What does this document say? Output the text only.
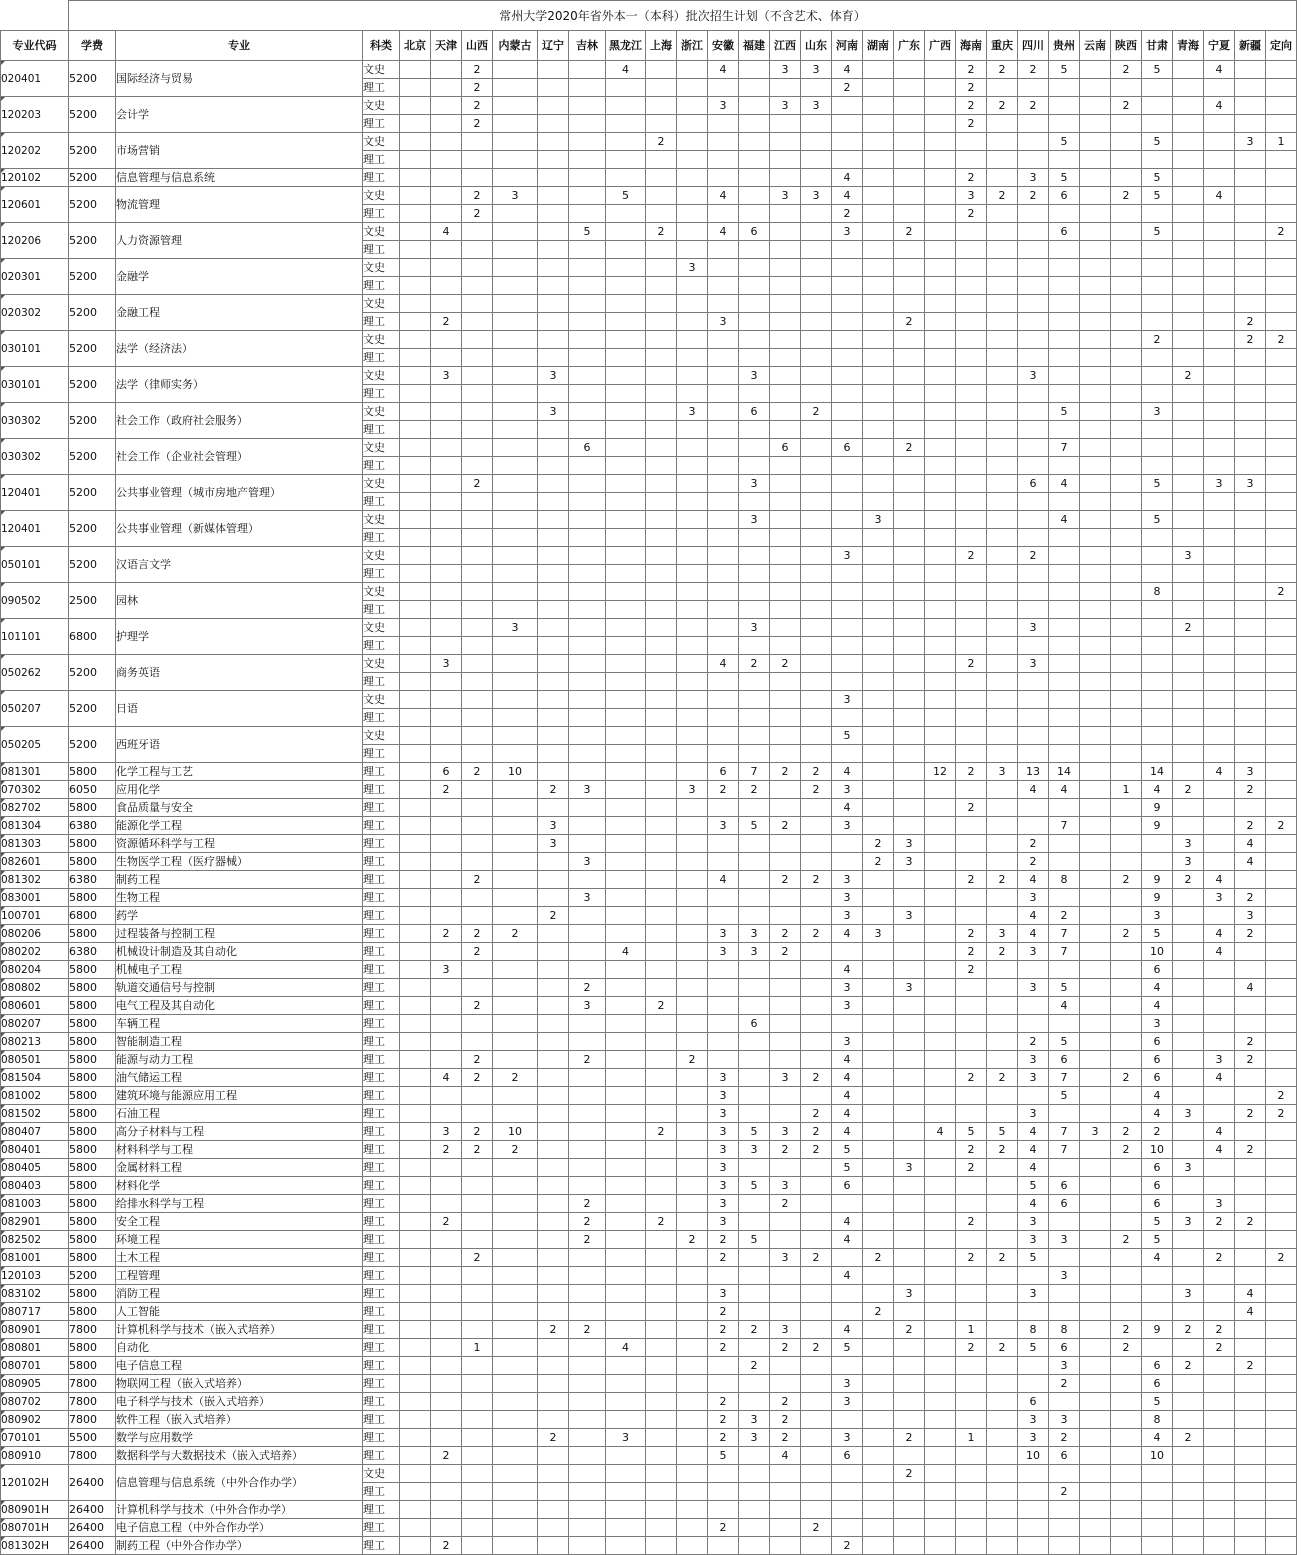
	常州大学2020年省外本一（本科）批次招生计划（不含艺术、体育）																														
专业代码	学费	专业	科类	北京	天津	山西	内蒙古	辽宁	吉林	黑龙江	上海	浙江	安徽	福建	江西	山东	河南	湖南	广东	广西	海南	重庆	四川	贵州	云南	陕西	甘肃	青海	宁夏	新疆	定向
020401	5200	国际经济与贸易	文史			2				4			4		3	3	4				2	2	2	5		2	5		4		
			理工			2											2				2										
120203	5200	会计学	文史			2							3		3	3					2	2	2			2			4		
			理工			2															2										
120202	5200	市场营销	文史								2													5			5			3	1
			理工																												
120102	5200	信息管理与信息系统	理工														4				2		3	5			5				
120601	5200	物流管理	文史			2	3			5			4		3	3	4				3	2	2	6		2	5		4		
			理工			2											2				2										
120206	5200	人力资源管理	文史		4				5		2		4	6			3		2					6			5				2
			理工																												
020301	5200	金融学	文史									3																			
			理工																												
020302	5200	金融工程	文史																												
			理工		2								3						2											2	
030101	5200	法学（经济法）	文史																								2			2	2
			理工																												
030101	5200	法学（律师实务）	文史		3			3						3									3					2			
			理工																												
030302	5200	社会工作（政府社会服务）	文史					3				3		6		2								5			3				
			理工																												
030302	5200	社会工作（企业社会管理）	文史						6						6		6		2					7							
			理工																												
120401	5200	公共事业管理（城市房地产管理）	文史			2								3									6	4			5		3	3	
			理工																												
120401	5200	公共事业管理（新媒体管理）	文史											3				3						4			5				
			理工																												
050101	5200	汉语言文学	文史														3				2		2					3			
			理工																												
090502	2500	园林	文史																								8				2
			理工																												
101101	6800	护理学	文史				3							3									3					2			
			理工																												
050262	5200	商务英语	文史		3								4	2	2						2		3								
			理工																												
050207	5200	日语	文史														3														
			理工																												
050205	5200	西班牙语	文史														5														
			理工																												
081301	5800	化学工程与工艺	理工		6	2	10						6	7	2	2	4			12	2	3	13	14			14		4	3	
070302	6050	应用化学	理工		2			2	3			3	2	2		2	3						4	4		1	4	2		2	
082702	5800	食品质量与安全	理工														4				2						9				
081304	6380	能源化学工程	理工					3					3	5	2		3							7			9			2	2
081303	5800	资源循环科学与工程	理工					3										2	3				2					3		4	
082601	5800	生物医学工程（医疗器械）	理工						3									2	3				2					3		4	
081302	6380	制药工程	理工			2							4		2	2	3				2	2	4	8		2	9	2	4		
083001	5800	生物工程	理工						3								3						3				9		3	2	
100701	6800	药学	理工					2									3		3				4	2			3			3	
080206	5800	过程装备与控制工程	理工		2	2	2						3	3	2	2	4	3			2	3	4	7		2	5		4	2	
080202	6380	机械设计制造及其自动化	理工			2				4			3	3	2						2	2	3	7			10		4		
080204	5800	机械电子工程	理工		3												4				2						6				
080802	5800	轨道交通信号与控制	理工						2								3		3				3	5			4			4	
080601	5800	电气工程及其自动化	理工			2			3		2						3							4			4				
080207	5800	车辆工程	理工											6													3				
080213	5800	智能制造工程	理工														3						2	5			6			2	
080501	5800	能源与动力工程	理工			2			2			2					4						3	6			6		3	2	
081504	5800	油气储运工程	理工		4	2	2						3		3	2	4				2	2	3	7		2	6		4		
081002	5800	建筑环境与能源应用工程	理工										3				4							5			4				2
081502	5800	石油工程	理工										3			2	4						3				4	3		2	2
080407	5800	高分子材料与工程	理工		3	2	10				2		3	5	3	2	4			4	5	5	4	7	3	2	2		4		
080401	5800	材料科学与工程	理工		2	2	2						3	3	2	2	5				2	2	4	7		2	10		4	2	
080405	5800	金属材料工程	理工										3				5		3		2		4				6	3			
080403	5800	材料化学	理工										3	5	3		6						5	6			6				
081003	5800	给排水科学与工程	理工						2				3		2								4	6			6		3		
082901	5800	安全工程	理工		2				2		2		3				4				2		3				5	3	2	2	
082502	5800	环境工程	理工						2			2	2	5			4						3	3		2	5				
081001	5800	土木工程	理工			2							2		3	2		2			2	2	5				4		2		2
120103	5200	工程管理	理工														4							3							
083102	5800	消防工程	理工										3						3				3					3		4	
080717	5800	人工智能	理工										2					2												4	
080901	7800	计算机科学与技术（嵌入式培养）	理工					2	2				2	2	3		4		2		1		8	8		2	9	2	2		
080801	5800	自动化	理工			1				4			2		2	2	5				2	2	5	6		2			2		
080701	5800	电子信息工程	理工											2										3			6	2		2	
080905	7800	物联网工程（嵌入式培养）	理工														3							2			6				
080702	7800	电子科学与技术（嵌入式培养）	理工										2		2		3						6				5				
080902	7800	软件工程（嵌入式培养）	理工										2	3	2								3	3			8				
070101	5500	数学与应用数学	理工					2		3			2	3	2		3		2		1		3	2			4	2			
080910	7800	数据科学与大数据技术（嵌入式培养）	理工		2								5		4		6						10	6			10				
120102H	26400	信息管理与信息系统（中外合作办学）	文史																2												
			理工																					2							
080901H	26400	计算机科学与技术（中外合作办学）	理工																												
080701H	26400	电子信息工程（中外合作办学）	理工										2			2															
081302H	26400	制药工程（中外合作办学）	理工		2												2														
